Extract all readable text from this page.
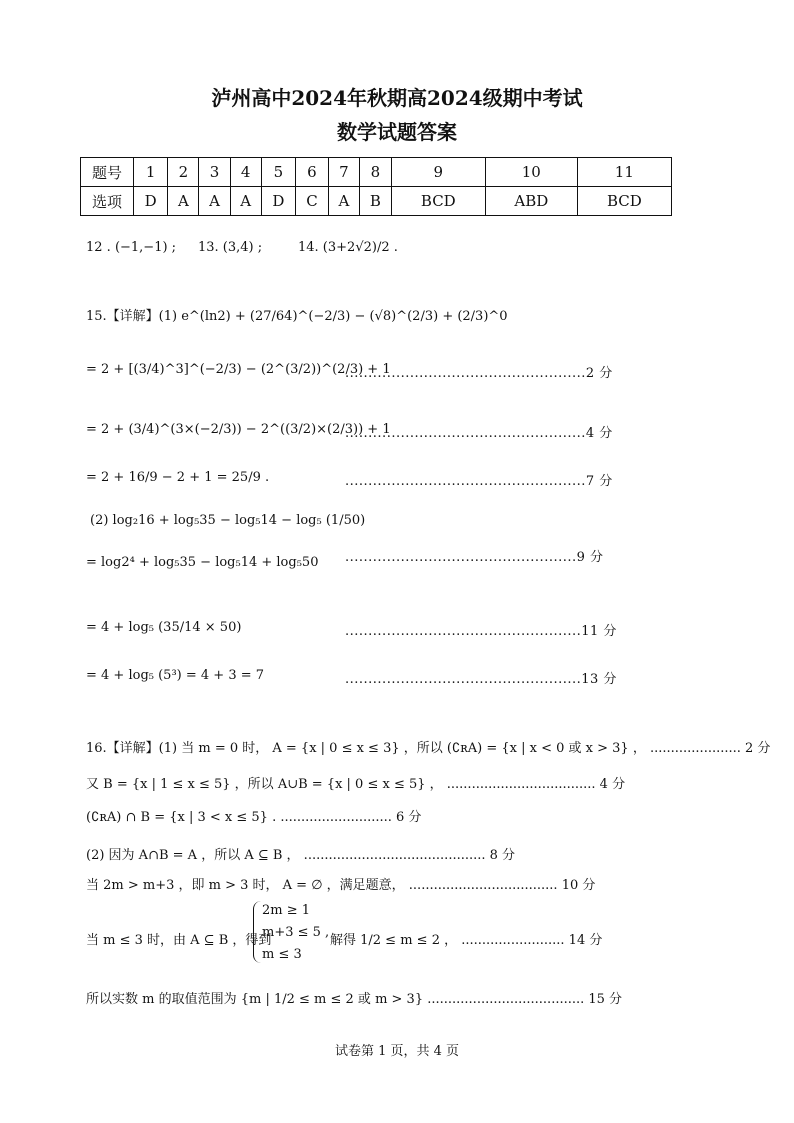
泸州高中2024年秋期高2024级期中考试
数学试题答案
题号	1	2	3	4	5	6	7	8	9	10	11
选项	D	A	A	A	D	C	A	B	BCD	ABD	BCD
12 . (−1,−1) ; 13. (3,4) ;	14. (3+2√2)/2 .
15.【详解】(1) e^(ln2) + (27/64)^(−2/3) − (√8)^(2/3) + (2/3)^0
= 2 + [(3/4)^3]^(−2/3) − (2^(3/2))^(2/3) + 1
....................................................2 分
= 2 + (3/4)^(3×(−2/3)) − 2^((3/2)×(2/3)) + 1
....................................................4 分
= 2 + 16/9 − 2 + 1 = 25/9 .	....................................................7 分
(2) log₂16 + log₅35 − log₅14 − log₅ (1/50)
= log2⁴ + log₅35 − log₅14 + log₅50 ..................................................9 分
= 4 + log₅ (35/14 × 50)	...................................................11 分
= 4 + log₅ (5³) = 4 + 3 = 7	...................................................13 分
16.【详解】(1) 当 m = 0 时， A = {x | 0 ≤ x ≤ 3} ，所以 (∁ʀA) = {x | x < 0 或 x > 3} ， ...................... 2 分
又 B = {x | 1 ≤ x ≤ 5} ，所以 A∪B = {x | 0 ≤ x ≤ 5} ， .................................... 4 分
(∁ʀA) ∩ B = {x | 3 < x ≤ 5} . ........................... 6 分
(2) 因为 A∩B = A ，所以 A ⊆ B ， ............................................ 8 分
当 2m > m+3 ，即 m > 3 时， A = ∅ ，满足题意， .................................... 10 分
当 m ≤ 3 时，由 A ⊆ B ，得到
2m ≥ 1
m+3 ≤ 5 ,
m ≤ 3
解得 1/2 ≤ m ≤ 2 ， ......................... 14 分
所以实数 m 的取值范围为 {m | 1/2 ≤ m ≤ 2 或 m > 3} ...................................... 15 分
试卷第 1 页，共 4 页
